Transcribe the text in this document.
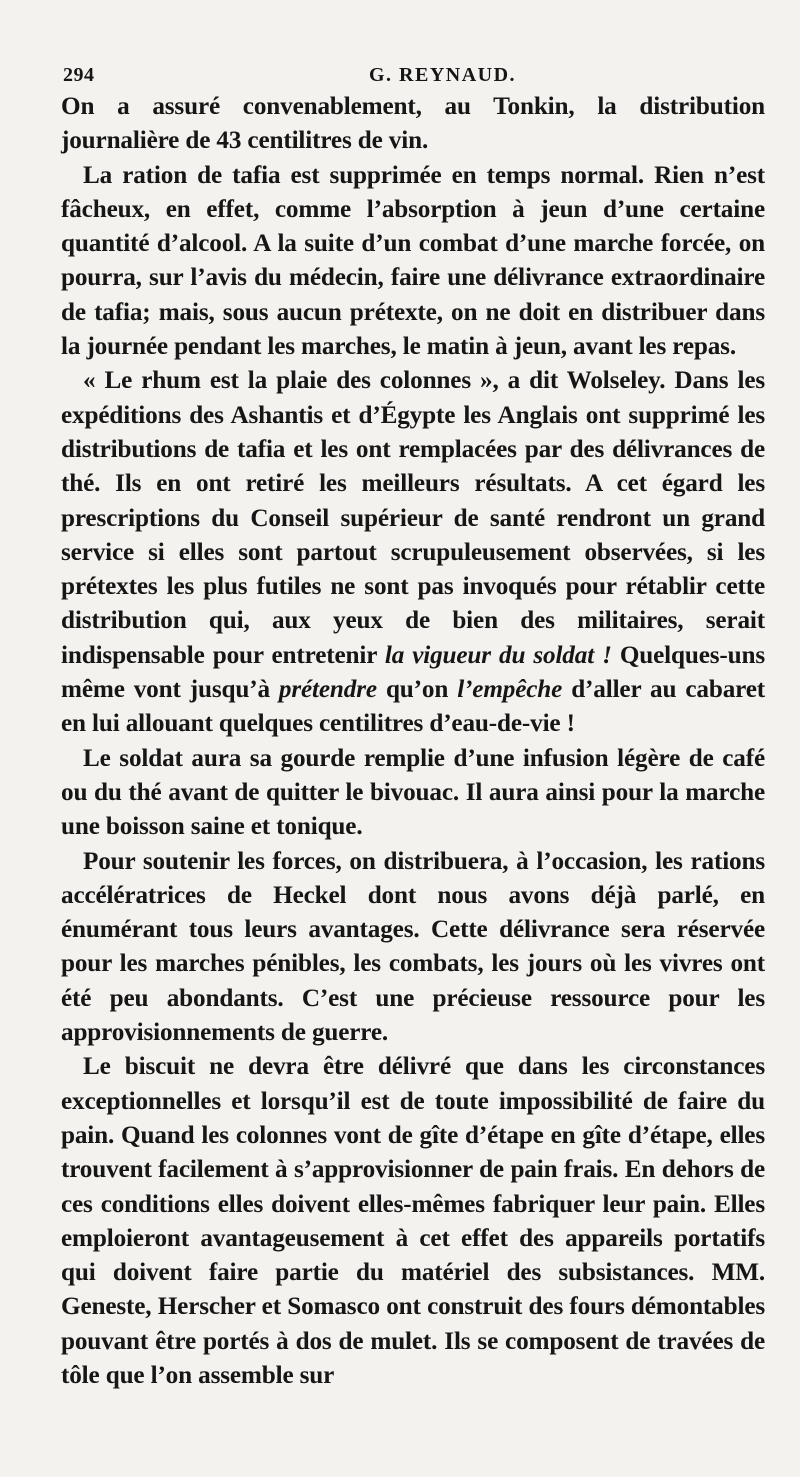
294	G. REYNAUD.

On a assuré convenablement, au Tonkin, la distribution journalière de 43 centilitres de vin.

La ration de tafia est supprimée en temps normal. Rien n’est fâcheux, en effet, comme l’absorption à jeun d’une certaine quantité d’alcool. A la suite d’un combat d’une marche forcée, on pourra, sur l’avis du médecin, faire une délivrance extraordinaire de tafia; mais, sous aucun prétexte, on ne doit en distribuer dans la journée pendant les marches, le matin à jeun, avant les repas.

« Le rhum est la plaie des colonnes », a dit Wolseley. Dans les expéditions des Ashantis et d’Égypte les Anglais ont supprimé les distributions de tafia et les ont remplacées par des délivrances de thé. Ils en ont retiré les meilleurs résultats. A cet égard les prescriptions du Conseil supérieur de santé rendront un grand service si elles sont partout scrupuleusement observées, si les prétextes les plus futiles ne sont pas invoqués pour rétablir cette distribution qui, aux yeux de bien des militaires, serait indispensable pour entretenir la vigueur du soldat ! Quelques-uns même vont jusqu’à prétendre qu’on l’empêche d’aller au cabaret en lui allouant quelques centilitres d’eau-de-vie !

Le soldat aura sa gourde remplie d’une infusion légère de café ou du thé avant de quitter le bivouac. Il aura ainsi pour la marche une boisson saine et tonique.

Pour soutenir les forces, on distribuera, à l’occasion, les rations accélératrices de Heckel dont nous avons déjà parlé, en énumérant tous leurs avantages. Cette délivrance sera réservée pour les marches pénibles, les combats, les jours où les vivres ont été peu abondants. C’est une précieuse ressource pour les approvisionnements de guerre.

Le biscuit ne devra être délivré que dans les circonstances exceptionnelles et lorsqu’il est de toute impossibilité de faire du pain. Quand les colonnes vont de gîte d’étape en gîte d’étape, elles trouvent facilement à s’approvisionner de pain frais. En dehors de ces conditions elles doivent elles-mêmes fabriquer leur pain. Elles emploieront avantageusement à cet effet des appareils portatifs qui doivent faire partie du matériel des subsistances. MM. Geneste, Herscher et Somasco ont construit des fours démontables pouvant être portés à dos de mulet. Ils se composent de travées de tôle que l’on assemble sur
